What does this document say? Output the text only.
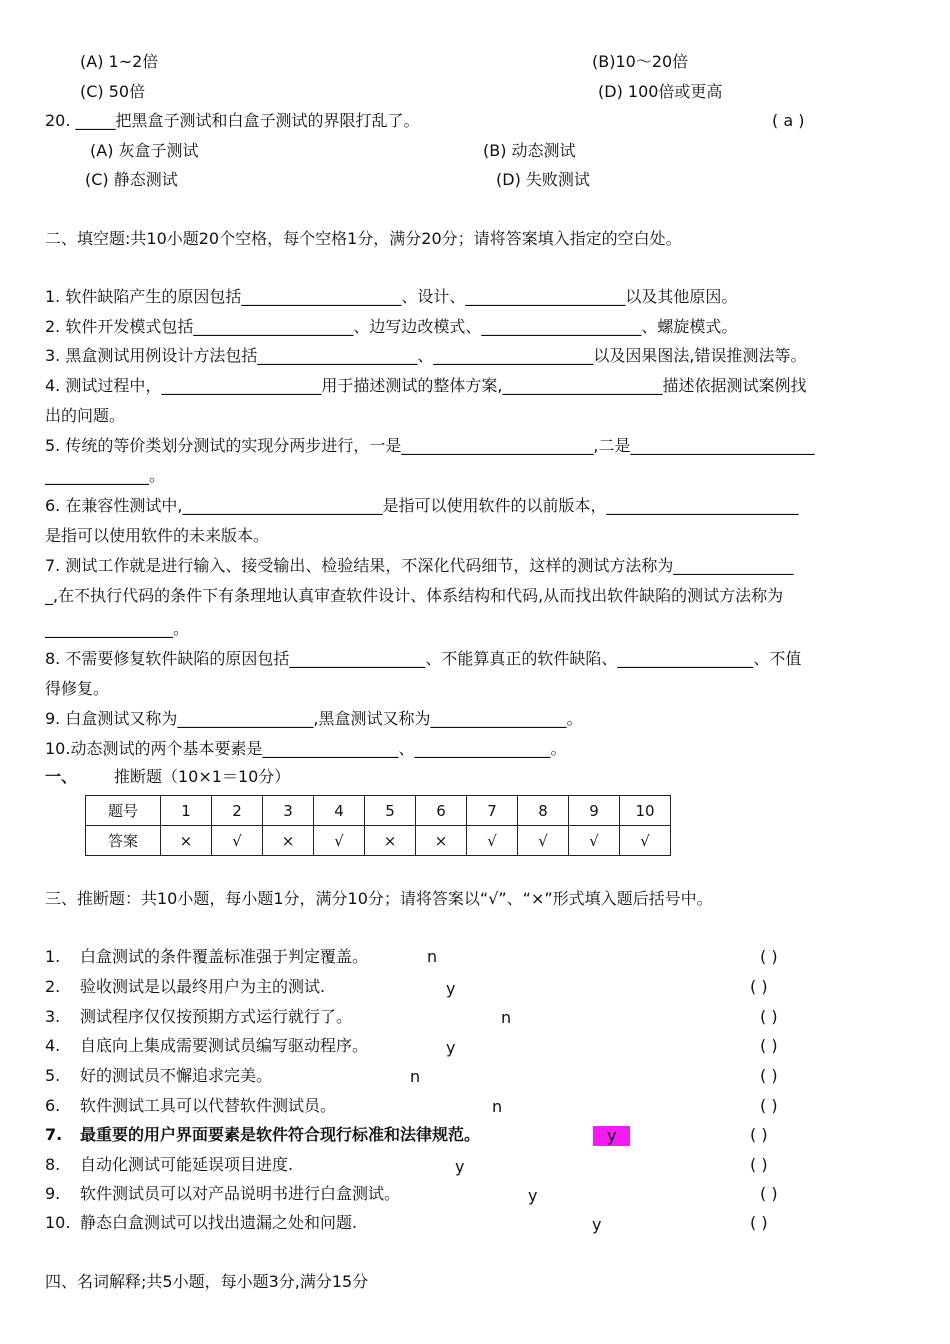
(A) 1~2倍	(B)10～20倍
(C) 50倍	(D) 100倍或更高
20. _____把黑盒子测试和白盒子测试的界限打乱了。	( a )
(A) 灰盒子测试	(B) 动态测试
(C) 静态测试	(D) 失败测试
二、填空题:共10小题20个空格，每个空格1分，满分20分；请将答案填入指定的空白处。
1. 软件缺陷产生的原因包括____________________、设计、____________________以及其他原因。
2. 软件开发模式包括____________________、边写边改模式、____________________、螺旋模式。
3. 黑盒测试用例设计方法包括____________________、____________________以及因果图法,错误推测法等。
4. 测试过程中，____________________用于描述测试的整体方案,____________________描述依据测试案例找
出的问题。
5. 传统的等价类划分测试的实现分两步进行，一是________________________,二是_______________________
_____________。
6. 在兼容性测试中,_________________________是指可以使用软件的以前版本，________________________
是指可以使用软件的未来版本。
7. 测试工作就是进行输入、接受输出、检验结果，不深化代码细节，这样的测试方法称为_______________
_,在不执行代码的条件下有条理地认真审查软件设计、体系结构和代码,从而找出软件缺陷的测试方法称为
________________。
8. 不需要修复软件缺陷的原因包括_________________、不能算真正的软件缺陷、_________________、不值
得修复。
9. 白盒测试又称为_________________,黑盒测试又称为_________________。
10.动态测试的两个基本要素是_________________、_________________。
一、 推断题（10×1＝10分）
题号	1	2	3	4	5	6	7	8	9	10
答案	×	√	×	√	×	×	√	√	√	√
三、推断题：共10小题，每小题1分，满分10分；请将答案以“√”、“×”形式填入题后括号中。
1. 白盒测试的条件覆盖标准强于判定覆盖。	n	( )
2. 验收测试是以最终用户为主的测试.	y	( )
3. 测试程序仅仅按预期方式运行就行了。	n	( )
4. 自底向上集成需要测试员编写驱动程序。	y	( )
5. 好的测试员不懈追求完美。	n	( )
6. 软件测试工具可以代替软件测试员。	n	( )
7. 最重要的用户界面要素是软件符合现行标准和法律规范。	y	( )
8. 自动化测试可能延误项目进度.	y	( )
9. 软件测试员可以对产品说明书进行白盒测试。	y	( )
10. 静态白盒测试可以找出遗漏之处和问题.	y	( )
四、名词解释;共5小题，每小题3分,满分15分
